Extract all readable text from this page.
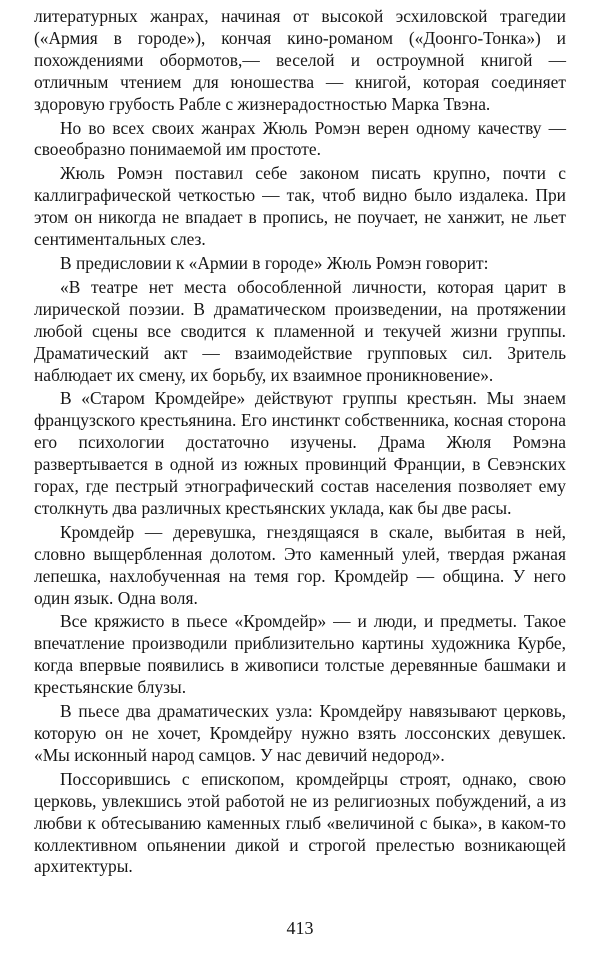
литературных жанрах, начиная от высокой эсхиловской трагедии («Армия в городе»), кончая кино-романом («Доонго-Тонка») и похождениями обормотов,— веселой и остроумной книгой — отличным чтением для юношества — книгой, которая соединяет здоровую грубость Рабле с жизнерадостностью Марка Твэна.

Но во всех своих жанрах Жюль Ромэн верен одному качеству — своеобразно понимаемой им простоте.

Жюль Ромэн поставил себе законом писать крупно, почти с каллиграфической четкостью — так, чтоб видно было издалека. При этом он никогда не впадает в пропись, не поучает, не ханжит, не льет сентиментальных слез.

В предисловии к «Армии в городе» Жюль Ромэн говорит:

«В театре нет места обособленной личности, которая царит в лирической поэзии. В драматическом произведении, на протяжении любой сцены все сводится к пламенной и текучей жизни группы. Драматический акт — взаимодействие групповых сил. Зритель наблюдает их смену, их борьбу, их взаимное проникновение».

В «Старом Кромдейре» действуют группы крестьян. Мы знаем французского крестьянина. Его инстинкт собственника, косная сторона его психологии достаточно изучены. Драма Жюля Ромэна развертывается в одной из южных провинций Франции, в Севэнских горах, где пестрый этнографический состав населения позволяет ему столкнуть два различных крестьянских уклада, как бы две расы.

Кромдейр — деревушка, гнездящаяся в скале, выбитая в ней, словно выщербленная долотом. Это каменный улей, твердая ржаная лепешка, нахлобученная на темя гор. Кромдейр — община. У него один язык. Одна воля.

Все кряжисто в пьесе «Кромдейр» — и люди, и предметы. Такое впечатление производили приблизительно картины художника Курбе, когда впервые появились в живописи толстые деревянные башмаки и крестьянские блузы.

В пьесе два драматических узла: Кромдейру навязывают церковь, которую он не хочет, Кромдейру нужно взять лоссонских девушек. «Мы исконный народ самцов. У нас девичий недород».

Поссорившись с епископом, кромдейрцы строят, однако, свою церковь, увлекшись этой работой не из религиозных побуждений, а из любви к обтесыванию каменных глыб «величиной с быка», в каком-то коллективном опьянении дикой и строгой прелестью возникающей архитектуры.

413
